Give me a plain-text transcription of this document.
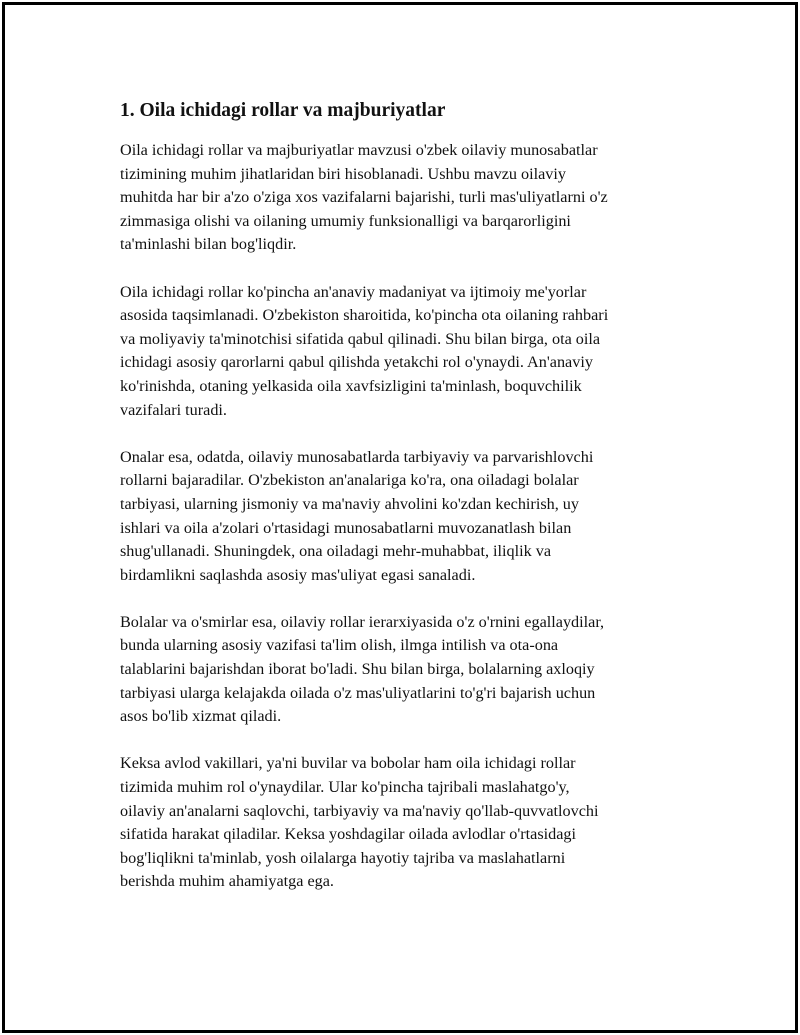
1. Oila ichidagi rollar va majburiyatlar
Oila ichidagi rollar va majburiyatlar mavzusi o'zbek oilaviy munosabatlar
tizimining muhim jihatlaridan biri hisoblanadi. Ushbu mavzu oilaviy
muhitda har bir a'zo o'ziga xos vazifalarni bajarishi, turli mas'uliyatlarni o'z
zimmasiga olishi va oilaning umumiy funksionalligi va barqarorligini
ta'minlashi bilan bog'liqdir.
Oila ichidagi rollar ko'pincha an'anaviy madaniyat va ijtimoiy me'yorlar
asosida taqsimlanadi. O'zbekiston sharoitida, ko'pincha ota oilaning rahbari
va moliyaviy ta'minotchisi sifatida qabul qilinadi. Shu bilan birga, ota oila
ichidagi asosiy qarorlarni qabul qilishda yetakchi rol o'ynaydi. An'anaviy
ko'rinishda, otaning yelkasida oila xavfsizligini ta'minlash, boquvchilik
vazifalari turadi.
Onalar esa, odatda, oilaviy munosabatlarda tarbiyaviy va parvarishlovchi
rollarni bajaradilar. O'zbekiston an'analariga ko'ra, ona oiladagi bolalar
tarbiyasi, ularning jismoniy va ma'naviy ahvolini ko'zdan kechirish, uy
ishlari va oila a'zolari o'rtasidagi munosabatlarni muvozanatlash bilan
shug'ullanadi. Shuningdek, ona oiladagi mehr-muhabbat, iliqlik va
birdamlikni saqlashda asosiy mas'uliyat egasi sanaladi.
Bolalar va o'smirlar esa, oilaviy rollar ierarxiyasida o'z o'rnini egallaydilar,
bunda ularning asosiy vazifasi ta'lim olish, ilmga intilish va ota-ona
talablarini bajarishdan iborat bo'ladi. Shu bilan birga, bolalarning axloqiy
tarbiyasi ularga kelajakda oilada o'z mas'uliyatlarini to'g'ri bajarish uchun
asos bo'lib xizmat qiladi.
Keksa avlod vakillari, ya'ni buvilar va bobolar ham oila ichidagi rollar
tizimida muhim rol o'ynaydilar. Ular ko'pincha tajribali maslahatgo'y,
oilaviy an'analarni saqlovchi, tarbiyaviy va ma'naviy qo'llab-quvvatlovchi
sifatida harakat qiladilar. Keksa yoshdagilar oilada avlodlar o'rtasidagi
bog'liqlikni ta'minlab, yosh oilalarga hayotiy tajriba va maslahatlarni
berishda muhim ahamiyatga ega.
